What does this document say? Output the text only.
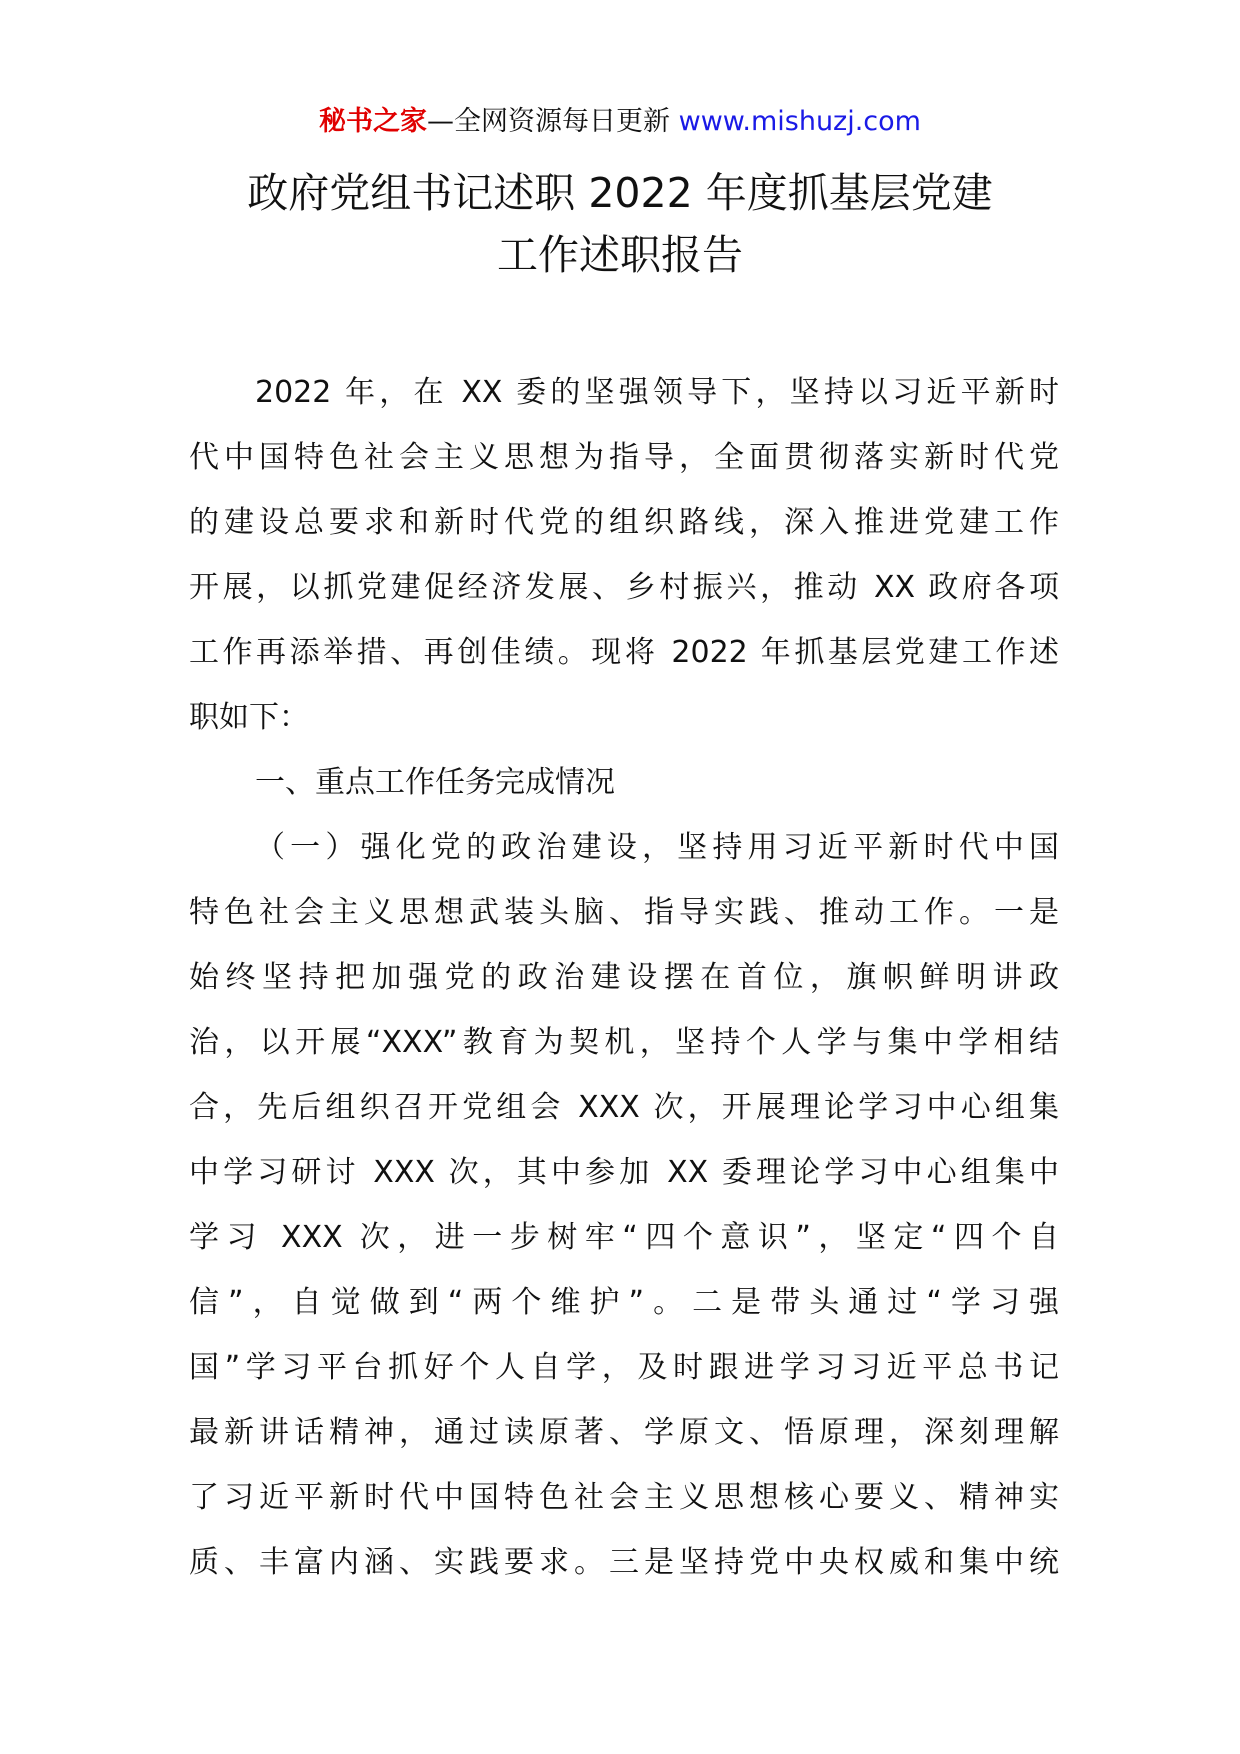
秘书之家—全网资源每日更新 www.mishuzj.com
政府党组书记述职 2022 年度抓基层党建
工作述职报告
2022 年，在 XX 委的坚强领导下，坚持以习近平新时
代中国特色社会主义思想为指导，全面贯彻落实新时代党
的建设总要求和新时代党的组织路线，深入推进党建工作
开展，以抓党建促经济发展、乡村振兴，推动 XX 政府各项
工作再添举措、再创佳绩。现将 2022 年抓基层党建工作述
职如下：
一、重点工作任务完成情况
（一）强化党的政治建设，坚持用习近平新时代中国
特色社会主义思想武装头脑、指导实践、推动工作。一是
始终坚持把加强党的政治建设摆在首位，旗帜鲜明讲政
治，以开展“XXX”教育为契机，坚持个人学与集中学相结
合，先后组织召开党组会 XXX 次，开展理论学习中心组集
中学习研讨 XXX 次，其中参加 XX 委理论学习中心组集中
学习 XXX 次，进一步树牢“四个意识”，坚定“四个自
信”，自觉做到“两个维护”。二是带头通过“学习强
国”学习平台抓好个人自学，及时跟进学习习近平总书记
最新讲话精神，通过读原著、学原文、悟原理，深刻理解
了习近平新时代中国特色社会主义思想核心要义、精神实
质、丰富内涵、实践要求。三是坚持党中央权威和集中统
